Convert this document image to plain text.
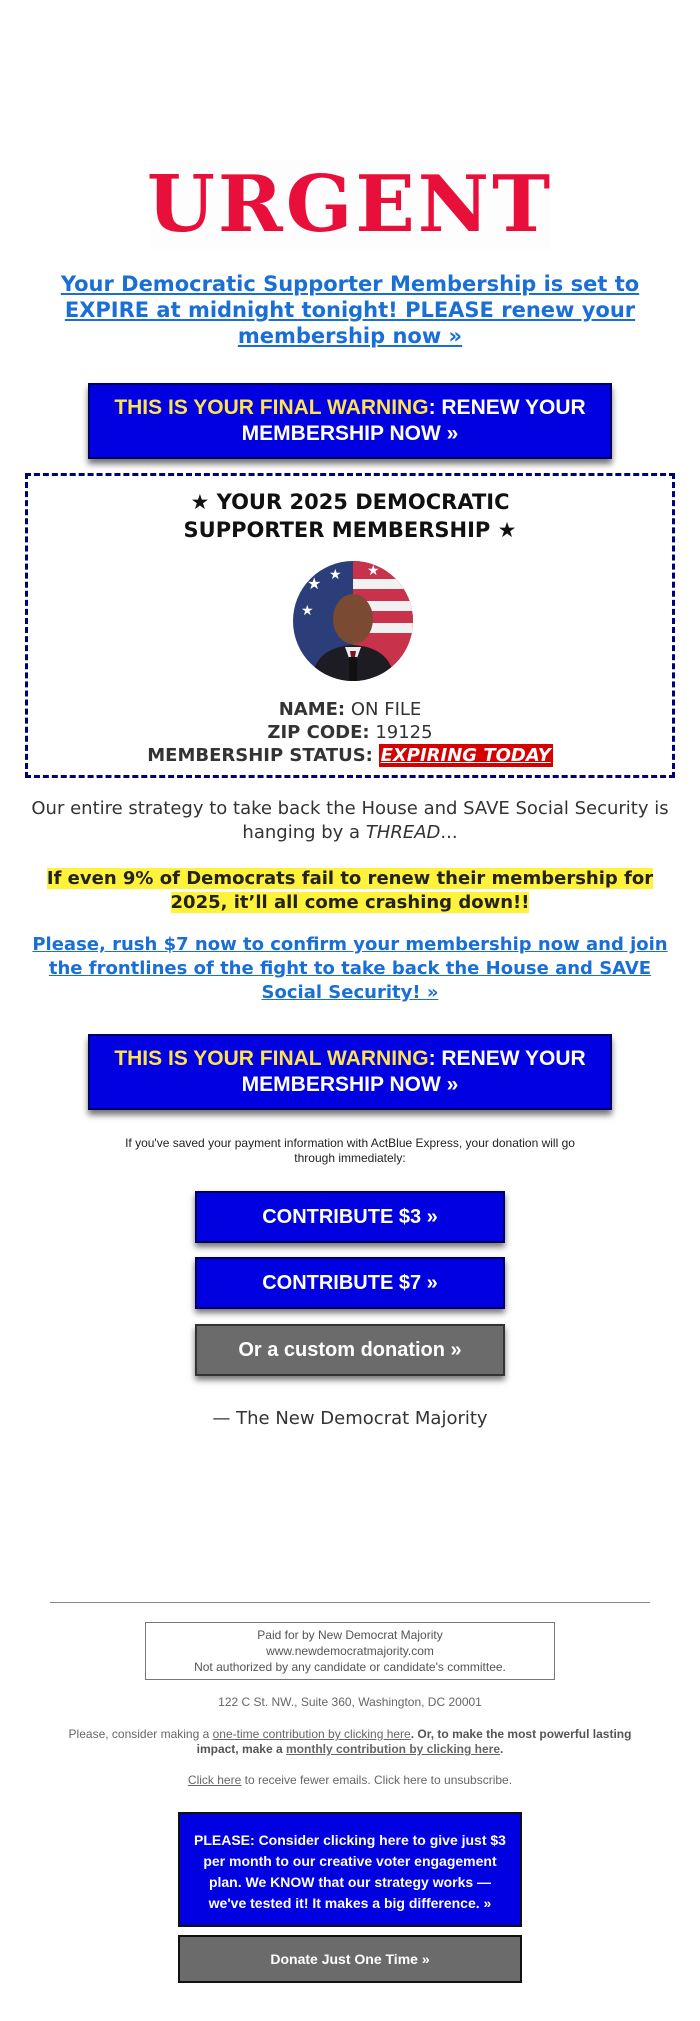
URGENT
Your Democratic Supporter Membership is set to EXPIRE at midnight tonight! PLEASE renew your membership now »
THIS IS YOUR FINAL WARNING: RENEW YOUR MEMBERSHIP NOW »
★ YOUR 2025 DEMOCRATIC
SUPPORTER MEMBERSHIP ★
★ ★
★
★
NAME: ON FILE
ZIP CODE: 19125
MEMBERSHIP STATUS: EXPIRING TODAY
Our entire strategy to take back the House and SAVE Social Security is hanging by a THREAD...
If even 9% of Democrats fail to renew their membership for 2025, it’ll all come crashing down!!
Please, rush $7 now to confirm your membership now and join the frontlines of the fight to take back the House and SAVE Social Security! »
THIS IS YOUR FINAL WARNING: RENEW YOUR MEMBERSHIP NOW »
If you've saved your payment information with ActBlue Express, your donation will go through immediately:
CONTRIBUTE $3 »
CONTRIBUTE $7 »
Or a custom donation »
— The New Democrat Majority
Paid for by New Democrat Majority
www.newdemocratmajority.com
Not authorized by any candidate or candidate's committee.
122 C St. NW., Suite 360, Washington, DC 20001
Please, consider making a one-time contribution by clicking here. Or, to make the most powerful lasting impact, make a monthly contribution by clicking here.
Click here to receive fewer emails. Click here to unsubscribe.
PLEASE: Consider clicking here to give just $3 per month to our creative voter engagement plan. We KNOW that our strategy works — we've tested it! It makes a big difference. »
Donate Just One Time »
